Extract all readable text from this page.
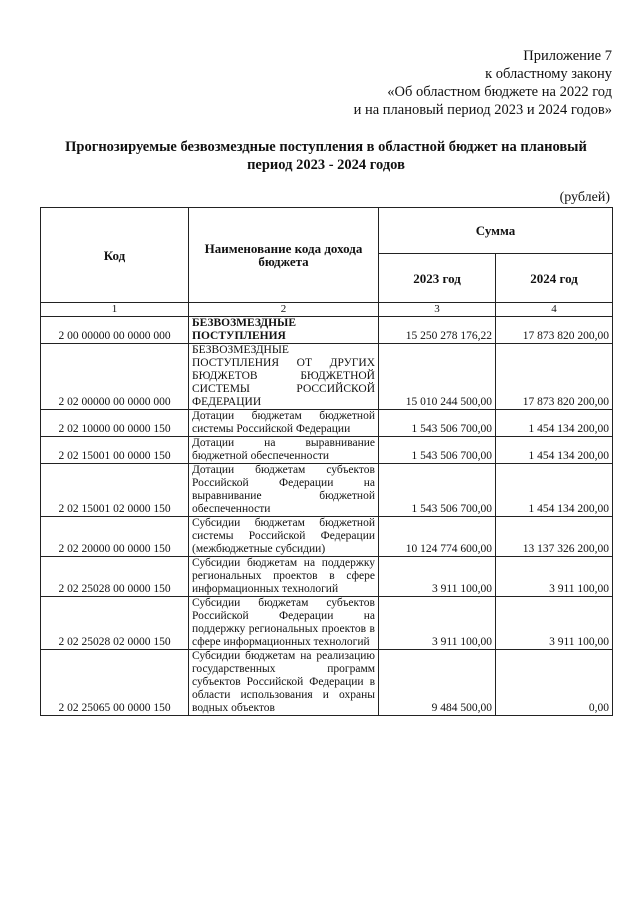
Приложение 7
к областному закону
«Об областном бюджете на 2022 год
и на плановый период 2023 и 2024 годов»
Прогнозируемые безвозмездные поступления в областной бюджет на плановый
период 2023 - 2024 годов
(рублей)
Код	Наименование кода дохода бюджета	Сумма	
		2023 год	2024 год
1	2	3	4
2 00 00000 00 0000 000	БЕЗВОЗМЕЗДНЫЕ ПОСТУПЛЕНИЯ	15 250 278 176,22	17 873 820 200,00
2 02 00000 00 0000 000	БЕЗВОЗМЕЗДНЫЕ ПОСТУПЛЕНИЯ ОТ ДРУГИХ БЮДЖЕТОВ БЮДЖЕТНОЙ СИСТЕМЫ РОССИЙСКОЙ ФЕДЕРАЦИИ	15 010 244 500,00	17 873 820 200,00
2 02 10000 00 0000 150	Дотации бюджетам бюджетной системы Российской Федерации	1 543 506 700,00	1 454 134 200,00
2 02 15001 00 0000 150	Дотации на выравнивание бюджетной обеспеченности	1 543 506 700,00	1 454 134 200,00
2 02 15001 02 0000 150	Дотации бюджетам субъектов Российской Федерации на выравнивание бюджетной обеспеченности	1 543 506 700,00	1 454 134 200,00
2 02 20000 00 0000 150	Субсидии бюджетам бюджетной системы Российской Федерации (межбюджетные субсидии)	10 124 774 600,00	13 137 326 200,00
2 02 25028 00 0000 150	Субсидии бюджетам на поддержку региональных проектов в сфере информационных технологий	3 911 100,00	3 911 100,00
2 02 25028 02 0000 150	Субсидии бюджетам субъектов Российской Федерации на поддержку региональных проектов в сфере информационных технологий	3 911 100,00	3 911 100,00
2 02 25065 00 0000 150	Субсидии бюджетам на реализацию государственных программ субъектов Российской Федерации в области использования и охраны водных объектов	9 484 500,00	0,00
